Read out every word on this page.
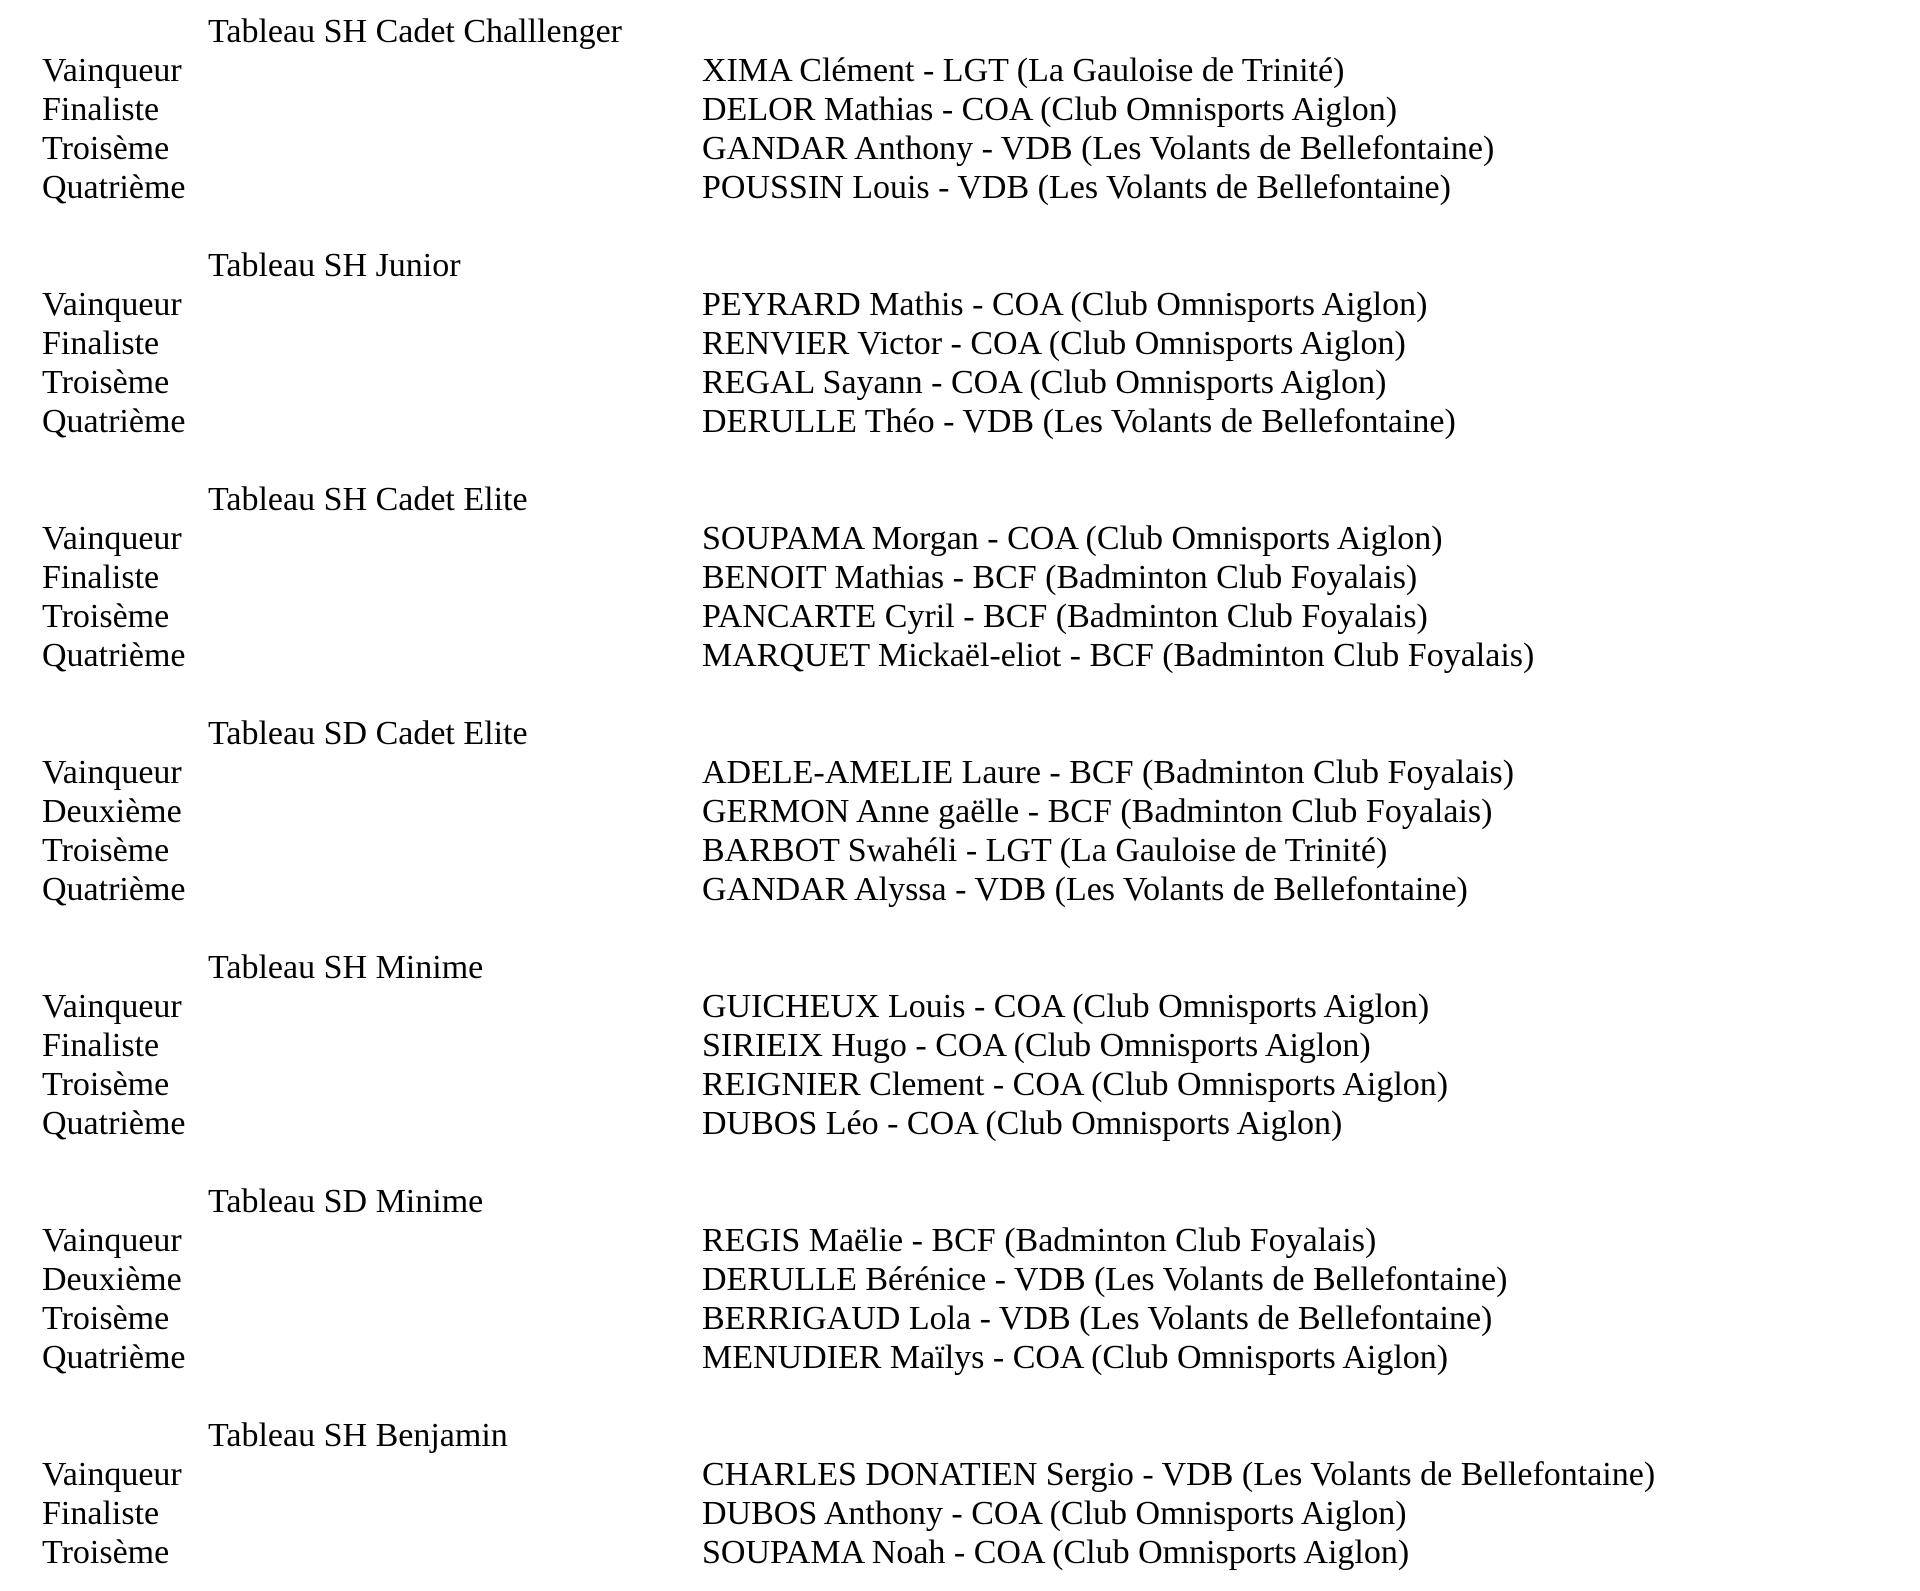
Tableau SH Cadet Challlenger
Vainqueur	XIMA Clément - LGT (La Gauloise de Trinité)
Finaliste	DELOR Mathias - COA (Club Omnisports Aiglon)
Troisème	GANDAR Anthony - VDB (Les Volants de Bellefontaine)
Quatrième	POUSSIN Louis - VDB (Les Volants de Bellefontaine)
Tableau SH Junior
Vainqueur	PEYRARD Mathis - COA (Club Omnisports Aiglon)
Finaliste	RENVIER Victor - COA (Club Omnisports Aiglon)
Troisème	REGAL Sayann - COA (Club Omnisports Aiglon)
Quatrième	DERULLE Théo - VDB (Les Volants de Bellefontaine)
Tableau SH Cadet Elite
Vainqueur	SOUPAMA Morgan - COA (Club Omnisports Aiglon)
Finaliste	BENOIT Mathias - BCF (Badminton Club Foyalais)
Troisème	PANCARTE Cyril - BCF (Badminton Club Foyalais)
Quatrième	MARQUET Mickaël-eliot - BCF (Badminton Club Foyalais)
Tableau SD Cadet Elite
Vainqueur	ADELE-AMELIE Laure - BCF (Badminton Club Foyalais)
Deuxième	GERMON Anne gaëlle - BCF (Badminton Club Foyalais)
Troisème	BARBOT Swahéli - LGT (La Gauloise de Trinité)
Quatrième	GANDAR Alyssa - VDB (Les Volants de Bellefontaine)
Tableau SH Minime
Vainqueur	GUICHEUX Louis - COA (Club Omnisports Aiglon)
Finaliste	SIRIEIX Hugo - COA (Club Omnisports Aiglon)
Troisème	REIGNIER Clement - COA (Club Omnisports Aiglon)
Quatrième	DUBOS Léo - COA (Club Omnisports Aiglon)
Tableau SD Minime
Vainqueur	REGIS Maëlie - BCF (Badminton Club Foyalais)
Deuxième	DERULLE Bérénice - VDB (Les Volants de Bellefontaine)
Troisème	BERRIGAUD Lola - VDB (Les Volants de Bellefontaine)
Quatrième	MENUDIER Maïlys - COA (Club Omnisports Aiglon)
Tableau SH Benjamin
Vainqueur	CHARLES DONATIEN Sergio - VDB (Les Volants de Bellefontaine)
Finaliste	DUBOS Anthony - COA (Club Omnisports Aiglon)
Troisème	SOUPAMA Noah - COA (Club Omnisports Aiglon)
